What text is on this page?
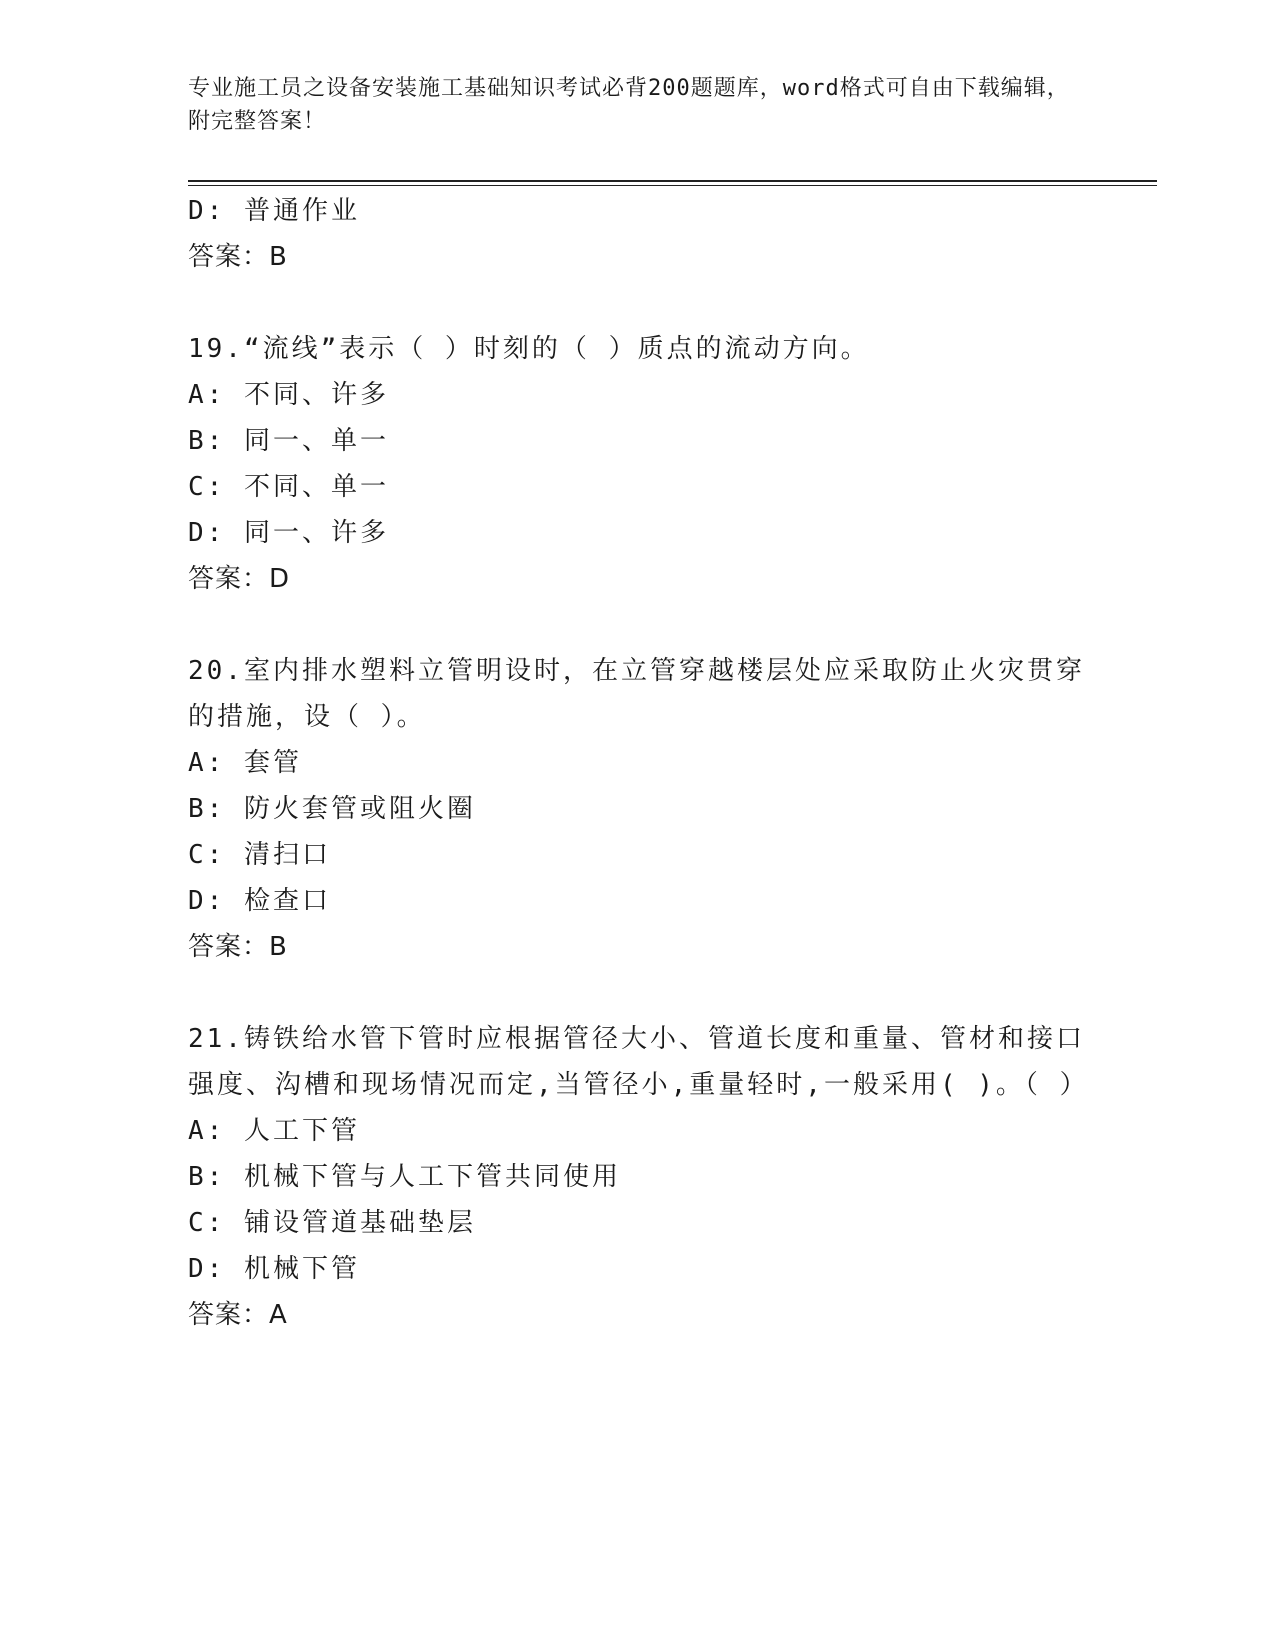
专业施工员之设备安装施工基础知识考试必背200题题库，word格式可自由下载编辑，附完整答案！
D: 普通作业
答案：B
19.“流线”表示（ ）时刻的（ ）质点的流动方向。
A: 不同、许多
B: 同一、单一
C: 不同、单一
D: 同一、许多
答案：D
20.室内排水塑料立管明设时，在立管穿越楼层处应采取防止火灾贯穿的措施，设（ ）。
A: 套管
B: 防火套管或阻火圈
C: 清扫口
D: 检查口
答案：B
21.铸铁给水管下管时应根据管径大小、管道长度和重量、管材和接口强度、沟槽和现场情况而定,当管径小,重量轻时,一般采用( )。（ ）
A: 人工下管
B: 机械下管与人工下管共同使用
C: 铺设管道基础垫层
D: 机械下管
答案：A
